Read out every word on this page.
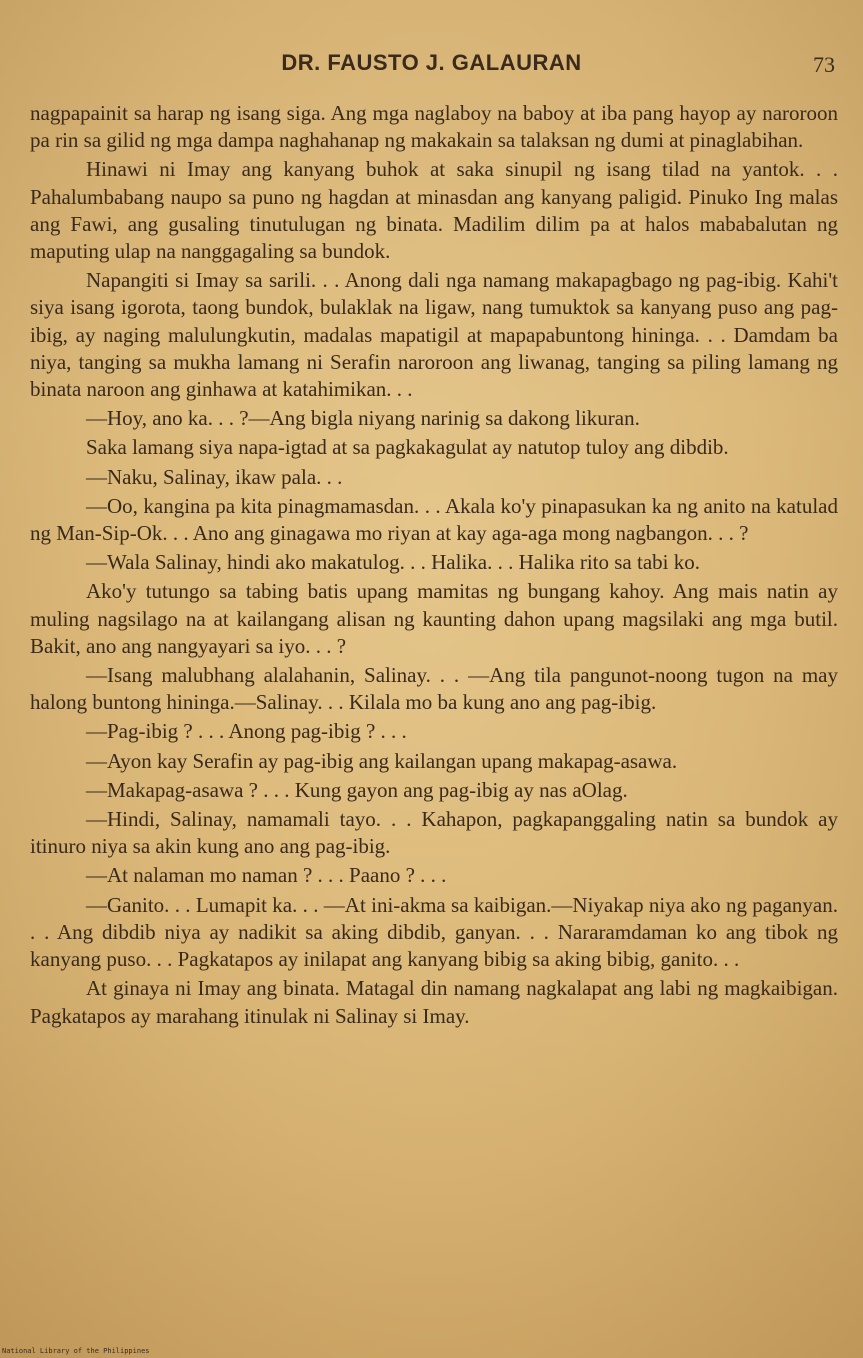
DR. FAUSTO J. GALAURAN	73

nagpapainit sa harap ng isang siga. Ang mga naglaboy na baboy at iba pang hayop ay naroroon pa rin sa gilid ng mga dampa naghahanap ng makakain sa talaksan ng dumi at pinaglabihan.

Hinawi ni Imay ang kanyang buhok at saka sinupil ng isang tilad na yantok. . . Pahalumbabang naupo sa puno ng hagdan at minasdan ang kanyang paligid. Pinuko Ing malas ang Fawi, ang gusaling tinutulugan ng binata. Madilim dilim pa at halos mababalutan ng maputing ulap na nanggagaling sa bundok.

Napangiti si Imay sa sarili. . . Anong dali nga namang makapagbago ng pag-ibig. Kahi't siya isang igorota, taong bundok, bulaklak na ligaw, nang tumuktok sa kanyang puso ang pag-ibig, ay naging malulungkutin, madalas mapatigil at mapapabuntong hininga. . . Damdam ba niya, tanging sa mukha lamang ni Serafin naroroon ang liwanag, tanging sa piling lamang ng binata naroon ang ginhawa at katahimikan. . .

—Hoy, ano ka. . . ?—Ang bigla niyang narinig sa dakong likuran.

Saka lamang siya napa-igtad at sa pagkakagulat ay natutop tuloy ang dibdib.

—Naku, Salinay, ikaw pala. . .

—Oo, kangina pa kita pinagmamasdan. . . Akala ko'y pinapasukan ka ng anito na katulad ng Man-Sip-Ok. . . Ano ang ginagawa mo riyan at kay aga-aga mong nagbangon. . . ?

—Wala Salinay, hindi ako makatulog. . . Halika. . . Halika rito sa tabi ko.

Ako'y tutungo sa tabing batis upang mamitas ng bungang kahoy. Ang mais natin ay muling nagsilago na at kailangang alisan ng kaunting dahon upang magsilaki ang mga butil. Bakit, ano ang nangyayari sa iyo. . . ?

—Isang malubhang alalahanin, Salinay. . . —Ang tila pangunot-noong tugon na may halong buntong hininga.—Salinay. . . Kilala mo ba kung ano ang pag-ibig.

—Pag-ibig ? . . . Anong pag-ibig ? . . .

—Ayon kay Serafin ay pag-ibig ang kailangan upang makapag-asawa.

—Makapag-asawa ? . . . Kung gayon ang pag-ibig ay nas aOlag.

—Hindi, Salinay, namamali tayo. . . Kahapon, pagkapanggaling natin sa bundok ay itinuro niya sa akin kung ano ang pag-ibig.

—At nalaman mo naman ? . . . Paano ? . . .

—Ganito. . . Lumapit ka. . . —At ini-akma sa kaibigan.—Niyakap niya ako ng paganyan. . . Ang dibdib niya ay nadikit sa aking dibdib, ganyan. . . Nararamdaman ko ang tibok ng kanyang puso. . . Pagkatapos ay inilapat ang kanyang bibig sa aking bibig, ganito. . .

At ginaya ni Imay ang binata. Matagal din namang nagkalapat ang labi ng magkaibigan. Pagkatapos ay marahang itinulak ni Salinay si Imay.

National Library of the Philippines
